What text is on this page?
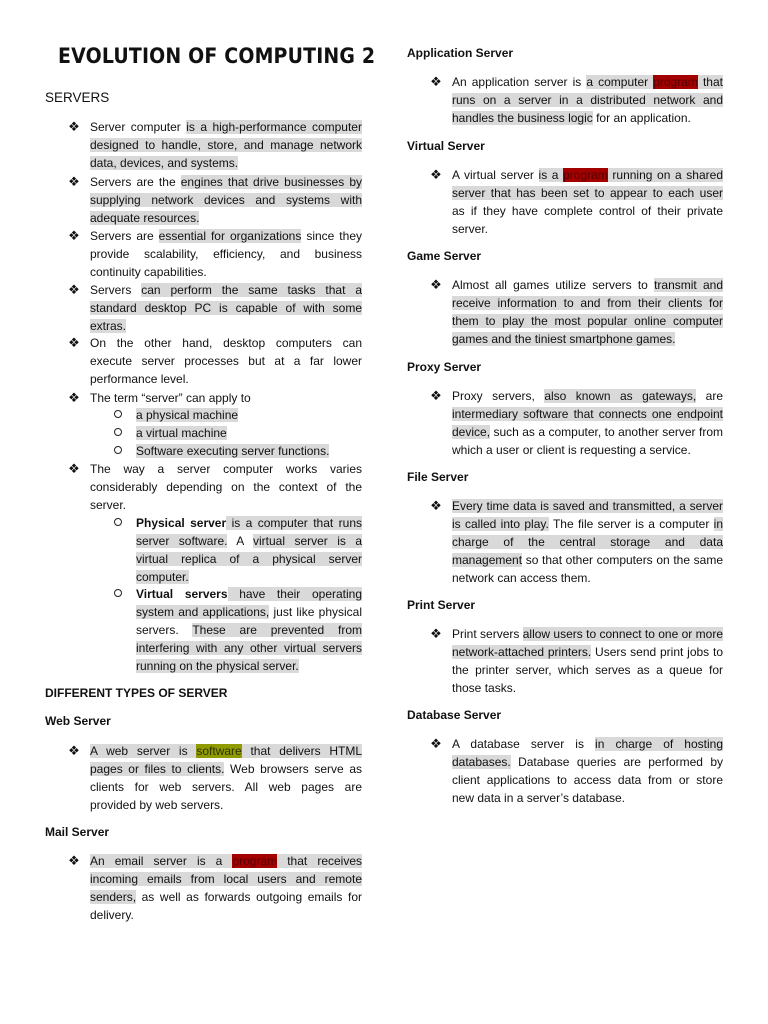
EVOLUTION OF COMPUTING 2
SERVERS
❖ Server computer is a high-performance computer
designed to handle, store, and manage network
data, devices, and systems.
❖ Servers are the engines that drive businesses by
supplying network devices and systems with
adequate resources.
❖ Servers are essential for organizations since they
provide scalability, efficiency, and business
continuity capabilities.
❖ Servers can perform the same tasks that a
standard desktop PC is capable of with some
extras.
❖ On the other hand, desktop computers can
execute server processes but at a far lower
performance level.
❖ The term “server” can apply to
a physical machine
a virtual machine
Software executing server functions.
❖ The way a server computer works varies
considerably depending on the context of the
server.
Physical server is a computer that runs
server software. A virtual server is a
virtual replica of a physical server
computer.
Virtual servers have their operating
system and applications, just like physical
servers. These are prevented from
interfering with any other virtual servers
running on the physical server.
DIFFERENT TYPES OF SERVER
Web Server
❖ A web server is software that delivers HTML
pages or files to clients. Web browsers serve as
clients for web servers. All web pages are
provided by web servers.
Mail Server
❖ An email server is a program that receives
incoming emails from local users and remote
senders, as well as forwards outgoing emails for
delivery.
Application Server
❖ An application server is a computer program that
runs on a server in a distributed network and
handles the business logic for an application.
Virtual Server
❖ A virtual server is a program running on a shared
server that has been set to appear to each user
as if they have complete control of their private
server.
Game Server
❖ Almost all games utilize servers to transmit and
receive information to and from their clients for
them to play the most popular online computer
games and the tiniest smartphone games.
Proxy Server
❖ Proxy servers, also known as gateways, are
intermediary software that connects one endpoint
device, such as a computer, to another server from
which a user or client is requesting a service.
File Server
❖ Every time data is saved and transmitted, a server
is called into play. The file server is a computer in
charge of the central storage and data
management so that other computers on the same
network can access them.
Print Server
❖ Print servers allow users to connect to one or more
network-attached printers. Users send print jobs to
the printer server, which serves as a queue for
those tasks.
Database Server
❖ A database server is in charge of hosting
databases. Database queries are performed by
client applications to access data from or store
new data in a server’s database.
